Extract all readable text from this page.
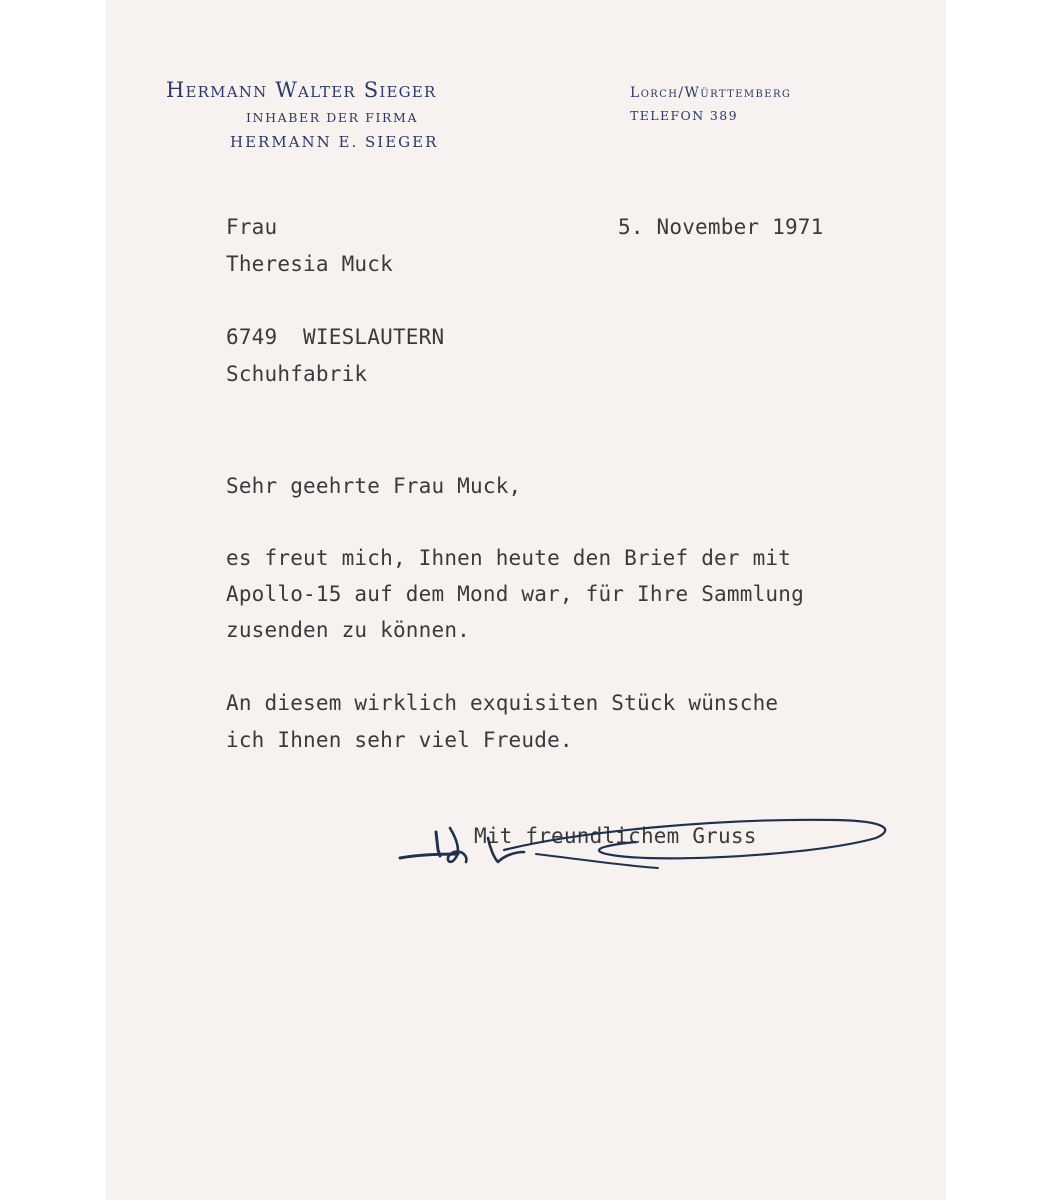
Hermann Walter Sieger
INHABER DER FIRMA
HERMANN E. SIEGER
Lorch/Württemberg
TELEFON 389
Frau
Theresia Muck
6749  WIESLAUTERN
Schuhfabrik
5. November 1971
Sehr geehrte Frau Muck,
es freut mich, Ihnen heute den Brief der mit
Apollo-15 auf dem Mond war, für Ihre Sammlung
zusenden zu können.
An diesem wirklich exquisiten Stück wünsche
ich Ihnen sehr viel Freude.
Mit freundlichem Gruss
